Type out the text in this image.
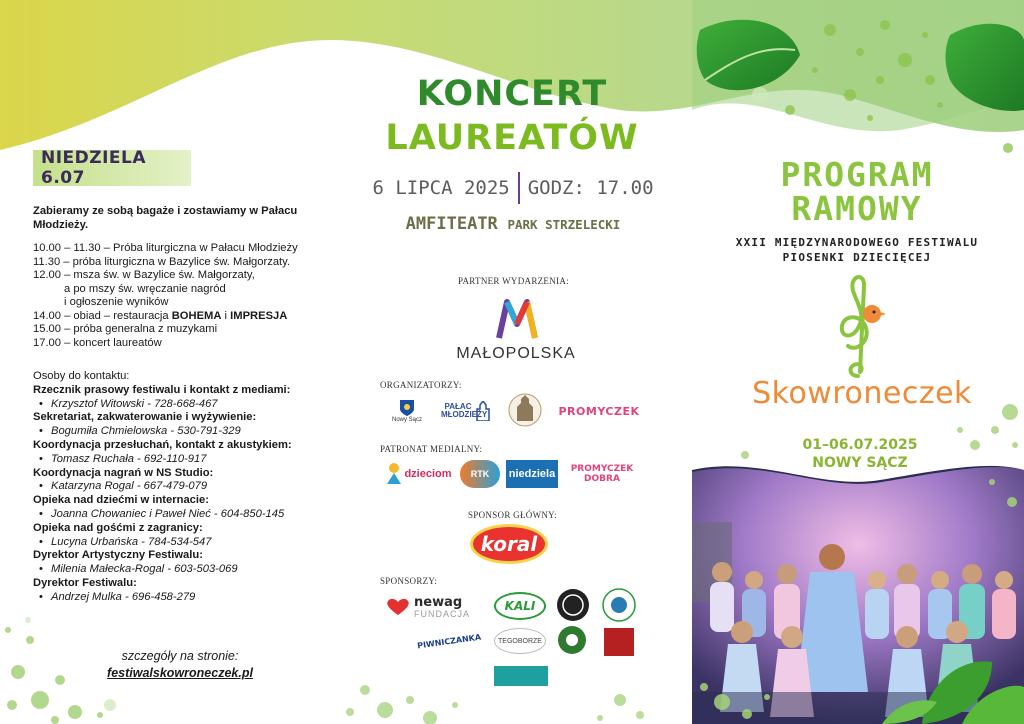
NIEDZIELA 6.07
Zabieramy ze sobą bagaże i zostawiamy w Pałacu Młodzieży.
10.00 – 11.30 – Próba liturgiczna w Pałacu Młodzieży
11.30 – próba liturgiczna w Bazylice św. Małgorzaty.
12.00 – msza św. w Bazylice św. Małgorzaty,
a po mszy św. wręczanie nagród
i ogłoszenie wyników
14.00 – obiad – restauracja BOHEMA i IMPRESJA
15.00 – próba generalna z muzykami
17.00 – koncert laureatów
Osoby do kontaktu:
Rzecznik prasowy festiwalu i kontakt z mediami:
• Krzysztof Witowski - 728-668-467
Sekretariat, zakwaterowanie i wyżywienie:
• Bogumiła Chmielowska - 530-791-329
Koordynacja przesłuchań, kontakt z akustykiem:
• Tomasz Ruchała - 692-110-917
Koordynacja nagrań w NS Studio:
• Katarzyna Rogal - 667-479-079
Opieka nad dziećmi w internacie:
• Joanna Chowaniec i Paweł Nieć - 604-850-145
Opieka nad gośćmi z zagranicy:
• Lucyna Urbańska - 784-534-547
Dyrektor Artystyczny Festiwalu:
• Milenia Małecka-Rogal - 603-503-069
Dyrektor Festiwalu:
• Andrzej Mulka - 696-458-279
szczegóły na stronie:
festiwalskowroneczek.pl
KONCERT
LAUREATÓW
6 LIPCA 2025 GODZ: 17.00
AMFITEATR PARK STRZELECKI
PARTNER WYDARZENIA:
MAŁOPOLSKA
ORGANIZATORZY:
Nowy Sącz
PAŁAC MŁODZIEŻY	PROMYCZEK
PATRONAT MEDIALNY:
dzieciom RTK niedziela	PROMYCZEK DOBRA
SPONSOR GŁÓWNY:
koral
SPONSORZY:
newag
FUNDACJA
KALI
PIWNICZANKA TEGOBORZE
PROGRAM
RAMOWY
XXII MIĘDZYNARODOWEGO FESTIWALU
PIOSENKI DZIECIĘCEJ
Skowroneczek
01–06.07.2025
NOWY SĄCZ
